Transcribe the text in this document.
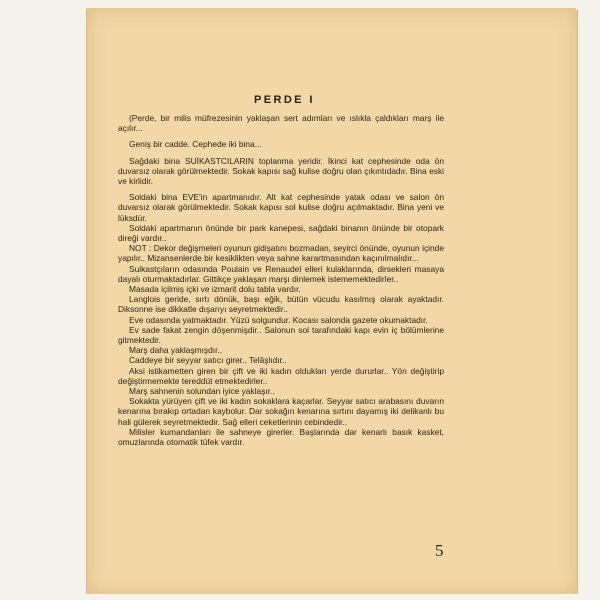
PERDE I

(Perde, bir milis müfrezesinin yaklaşan sert adımları ve ıslıkla çaldıkları marş ile açılır...

Geniş bir cadde. Cephede iki bina...

Sağdaki bina SUİKASTCILARIN toplanma yeridir. İkinci kat cephesinde oda ön duvarsız olarak görülmektedir. Sokak kapısı sağ kulise doğru olan çıkıntıdadır. Bina eski ve kirlidir.

Soldaki bina EVE'in apartmanıdır. Alt kat cephesinde yatak odası ve salon ön duvarsız olarak görülmektedir. Sokak kapısı sol kulise doğru açılmaktadır. Bina yeni ve lüksdür.

Soldaki apartmanın önünde bir park kanepesi, sağdaki binanın önünde bir otopark direği vardır..

NOT : Dekor değişmeleri oyunun gidişatını bozmadan, seyirci önünde, oyunun içinde yapılır.. Mizansenlerde bir kesiklikten veya sahne karartmasından kaçınılmalıdır...

Suikastçıların odasında Poulain ve Renaudel elleri kulaklarında, dirsekleri masaya dayalı oturmaktadırlar. Gittikçe yaklaşan marşı dinlemek istememektedirler..

Masada içilmiş içki ve izmarit dolu tabla vardır.

Langlois geride, sırtı dönük, başı eğik, bütün vücudu kasılmış olarak ayaktadır. Diksonne ise dikkatle dışarıyı seyretmektedir..

Eve odasında yatmaktadır. Yüzü solgundur. Kocası salonda gazete okumaktadır.

Ev sade fakat zengin döşenmişdir.. Salonun sol tarafındaki kapı evin iç bölümlerine gitmektedir.

Marş daha yaklaşmışdır..

Caddeye bir seyyar satıcı girer.. Telâşlıdır..

Aksi istikametten giren bir çift ve iki kadın oldukları yerde dururlar.. Yön değiştirip değiştirmemekte tereddüt etmektedirler..

Marş sahnenin solundan iyice yaklaşır..

Sokakta yürüyen çift ve iki kadın sokaklara kaçarlar. Seyyar satıcı arabasını duvarın kenarına bırakıp ortadan kaybolur. Dar sokağın kenarına sırtını dayamış iki delikanlı bu hali gülerek seyretmektedir. Sağ elleri ceketlerinin cebindedir..

Milisler kumandanları ile sahneye girerler. Başlarında dar kenarlı basık kasket, omuzlarında otomatik tüfek vardır.

5
